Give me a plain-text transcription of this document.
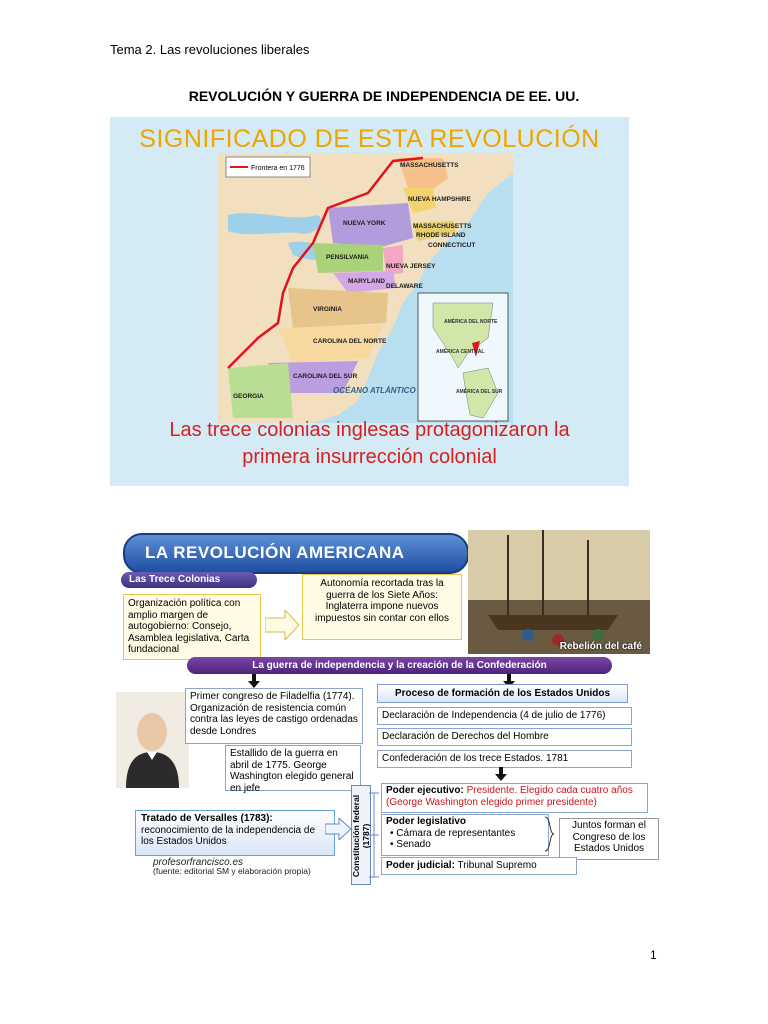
Tema 2. Las revoluciones liberales
REVOLUCIÓN Y GUERRA DE INDEPENDENCIA DE EE. UU.
SIGNIFICADO DE ESTA REVOLUCIÓN
Frontera en 1776	MASSACHUSETTS
NUEVA HAMPSHIRE
NUEVA YORK	MASSACHUSETTS
RHODE ISLAND
CONNECTICUT
PENSILVANIA
NUEVA JERSEY
MARYLAND
DELAWARE
VIRGINIA
CAROLINA DEL NORTE
CAROLINA DEL SUR
GEORGIA
OCÉANO ATLÁNTICO
AMÉRICA DEL NORTE
AMÉRICA CENTRAL
AMÉRICA DEL SUR
Las trece colonias inglesas protagonizaron la
primera insurrección colonial
LA REVOLUCIÓN AMERICANA
Rebelión del café
Las Trece Colonias
Organización política con amplio margen de autogobierno: Consejo, Asamblea legislativa, Carta fundacional
Autonomía recortada tras la guerra de los Siete Años: Inglaterra impone nuevos impuestos sin contar con ellos
La guerra de independencia y la creación de la Confederación
Primer congreso de Filadelfia (1774). Organización de resistencia común contra las leyes de castigo ordenadas desde Londres
Estallido de la guerra en abril de 1775. George Washington elegido general en jefe
Proceso de formación de los Estados Unidos
Declaración de Independencia (4 de julio de 1776)
Declaración de Derechos del Hombre
Confederación de los trece Estados. 1781
Tratado de Versalles (1783):
reconocimiento de la independencia de los Estados Unidos	Constitución federal (1787)
Poder ejecutivo: Presidente. Elegido cada cuatro años (George Washington elegido primer presidente)
Poder legislativo
• Cámara de representantes
• Senado
Juntos forman el Congreso de los Estados Unidos
Poder judicial: Tribunal Supremo
profesorfrancisco.es
(fuente: editorial SM y elaboración propia)
1
